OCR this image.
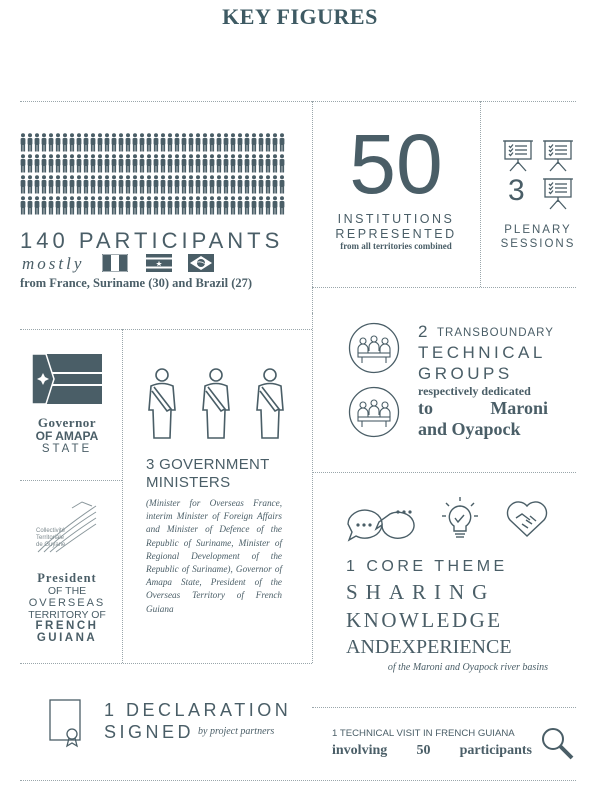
KEY FIGURES
140 PARTICIPANTS
mostly
from France, Suriname (30) and Brazil (27)
50
INSTITUTIONS
REPRESENTED
from all territories combined
3
PLENARY
SESSIONS
2 TRANSBOUNDARY
TECHNICAL
GROUPS
respectively dedicated
to Maroni
and Oyapock
Governor
OF AMAPA
STATE
3 GOVERNMENT
MINISTERS
(Minister for Overseas France, interim Minister of Foreign Affairs and Minister of Defence of the Republic of Suriname, Minister of Regional Development of the Republic of Suriname), Governor of Amapa State, President of the Overseas Territory of French Guiana
Collectivité
Territoriale
de Guyane
President
OF THE
OVERSEAS
TERRITORY OF
FRENCH
GUIANA
1 CORE THEME
SHARING
KNOWLEDGE
ANDEXPERIENCE
of the Maroni and Oyapock river basins
1 DECLARATION
SIGNED by project partners	1 TECHNICAL VISIT IN FRENCH GUIANA
involving 50 participants
